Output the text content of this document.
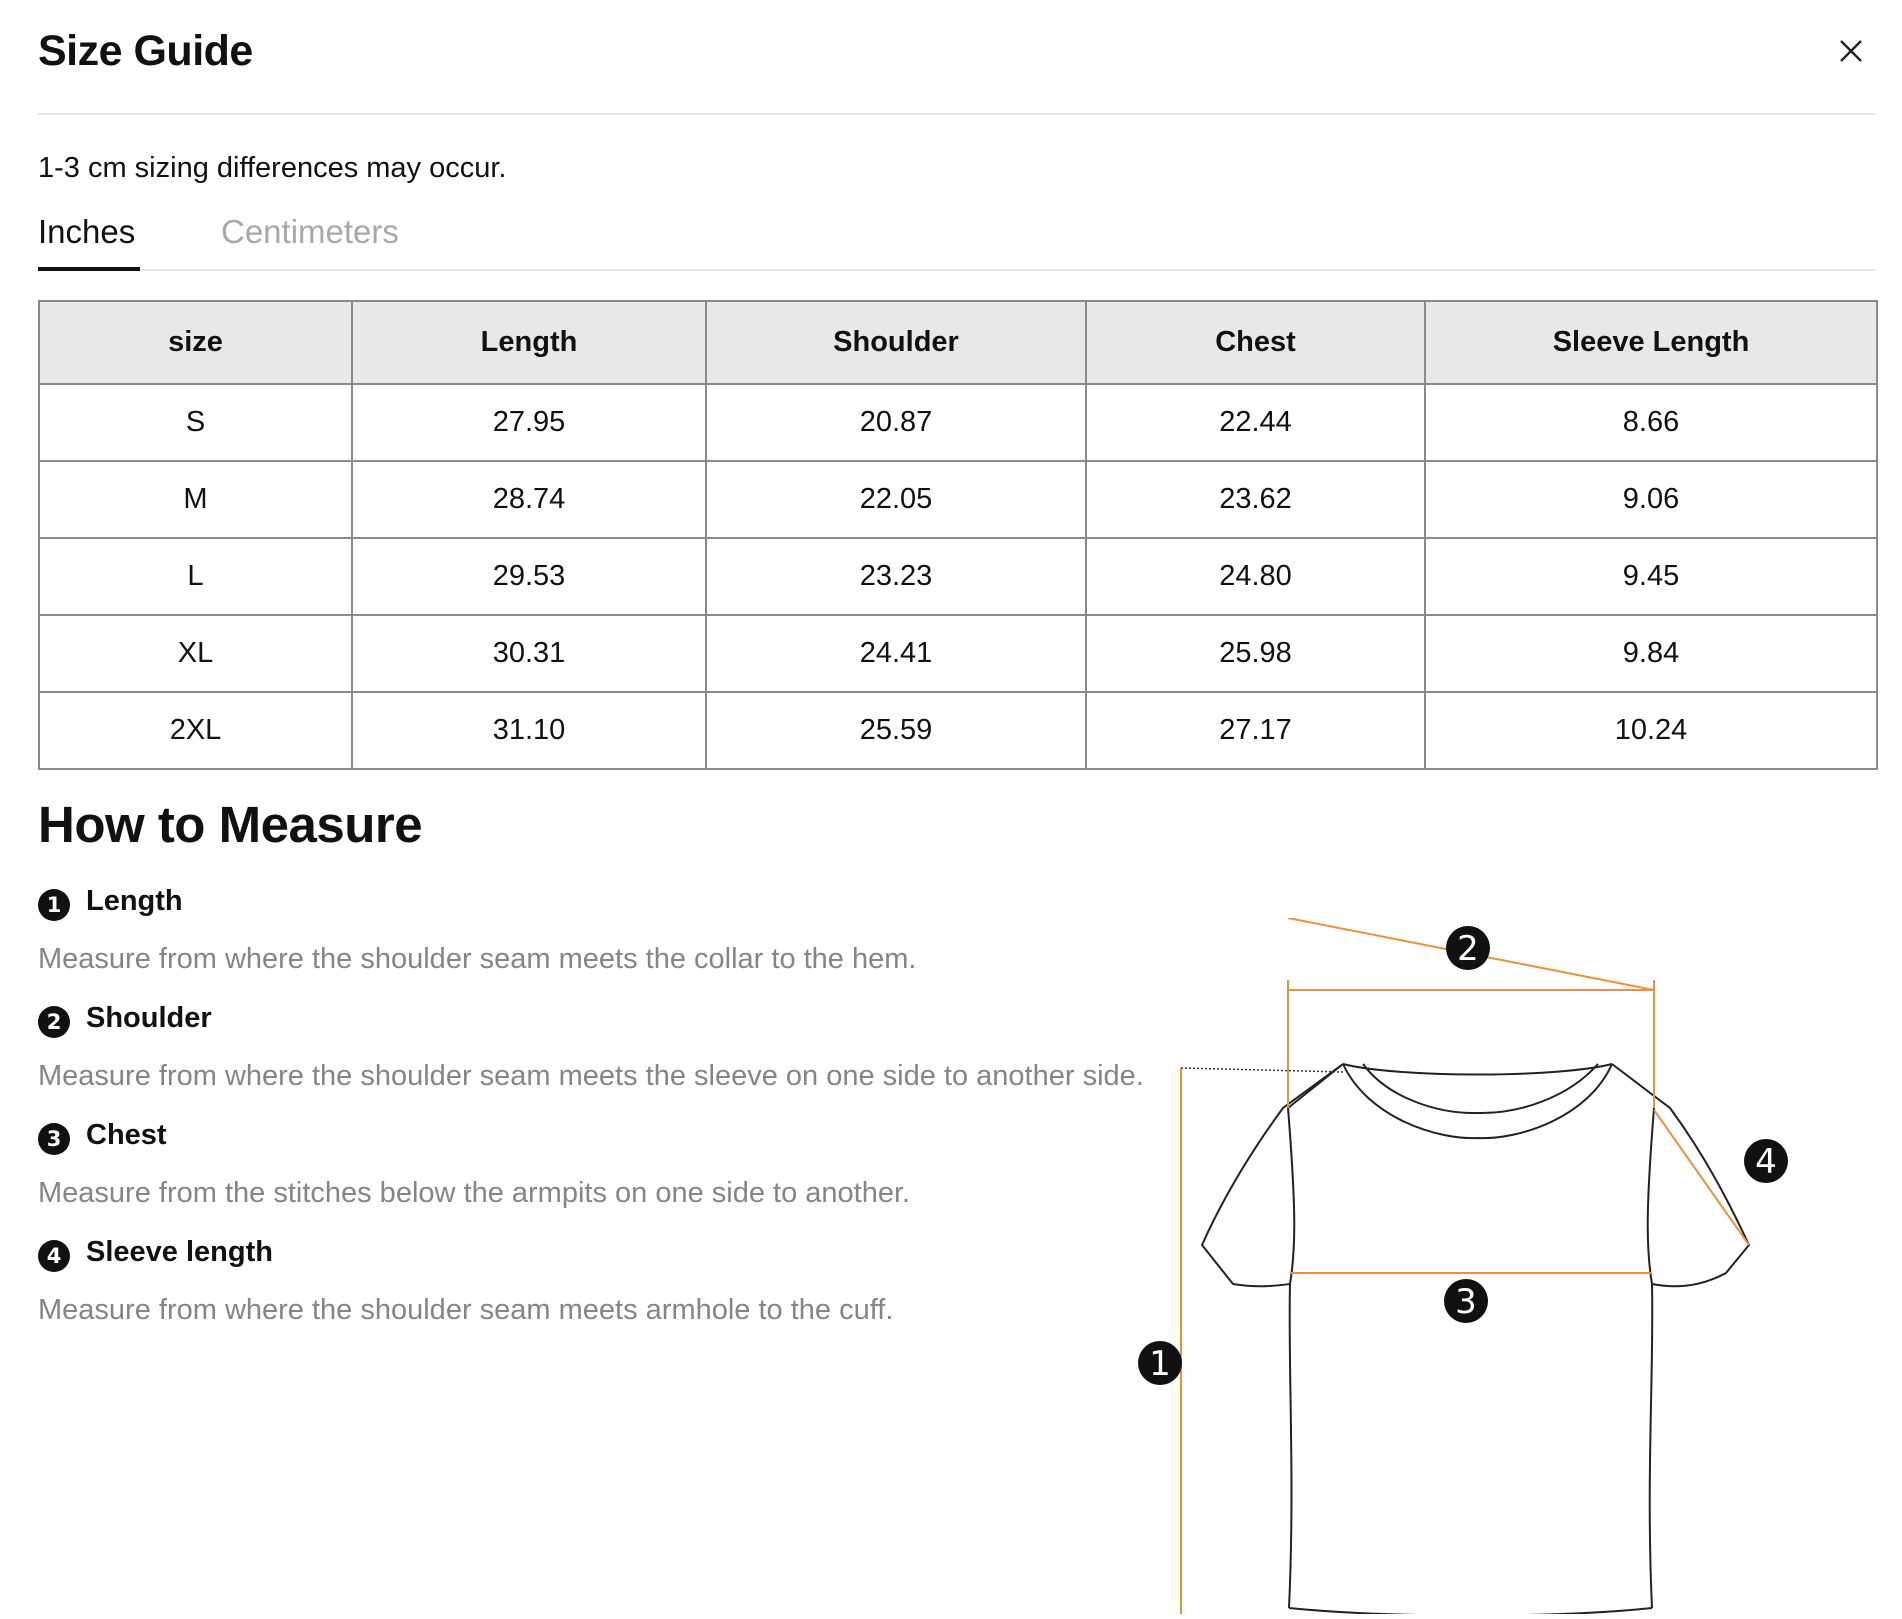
Size Guide
1-3 cm sizing differences may occur.
Inches	Centimeters
size	Length	Shoulder	Chest	Sleeve Length
S	27.95	20.87	22.44	8.66
M	28.74	22.05	23.62	9.06
L	29.53	23.23	24.80	9.45
XL	30.31	24.41	25.98	9.84
2XL	31.10	25.59	27.17	10.24
How to Measure
1 Length
Measure from where the shoulder seam meets the collar to the hem.
2 Shoulder
Measure from where the shoulder seam meets the sleeve on one side to another side.
3 Chest
Measure from the stitches below the armpits on one side to another.
4 Sleeve length
Measure from where the shoulder seam meets armhole to the cuff.
2
4
3
1
